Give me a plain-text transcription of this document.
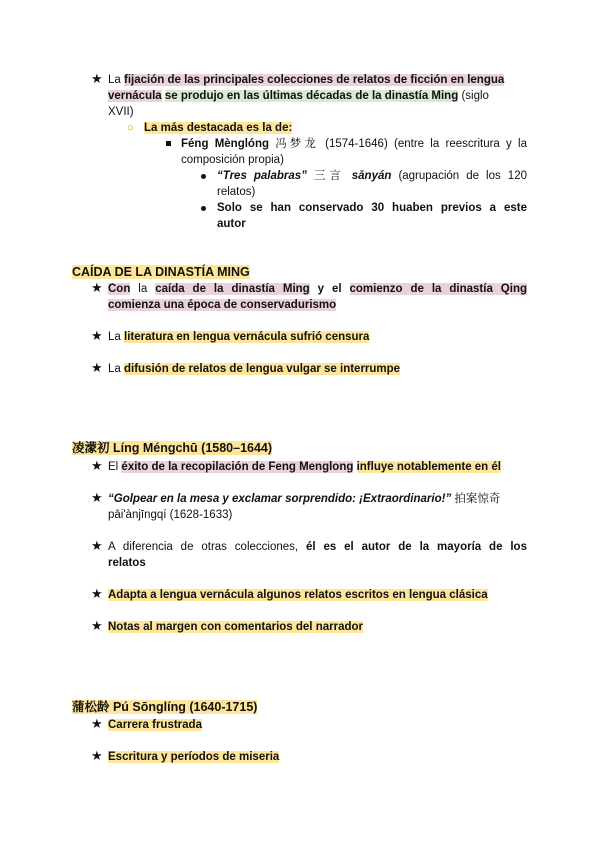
★ La fijación de las principales colecciones de relatos de ficción en lengua
vernácula se produjo en las últimas décadas de la dinastía Ming (siglo
XVII)
○ La más destacada es la de:
Féng Mènglóng 冯梦龙 (1574-1646) (entre la reescritura y la
composición propia)
“Tres palabras” 三言 sānyán (agrupación de los 120
relatos)
Solo se han conservado 30 huaben previos a este
autor
CAÍDA DE LA DINASTÍA MING
★ Con la caída de la dinastía Ming y el comienzo de la dinastía Qing
comienza una época de conservadurismo
★ La literatura en lengua vernácula sufrió censura
★ La difusión de relatos de lengua vulgar se interrumpe
凌濛初 Líng Méngchū (1580–1644)
★ El éxito de la recopilación de Feng Menglong influye notablemente en él
★ “Golpear en la mesa y exclamar sorprendido: ¡Extraordinario!” 拍案惊奇
pāi'ànjīngqí (1628-1633)
★ A diferencia de otras colecciones, él es el autor de la mayoría de los
relatos
★ Adapta a lengua vernácula algunos relatos escritos en lengua clásica
★ Notas al margen con comentarios del narrador
蒲松龄 Pú Sōnglíng (1640-1715)
★ Carrera frustrada
★ Escritura y períodos de miseria
